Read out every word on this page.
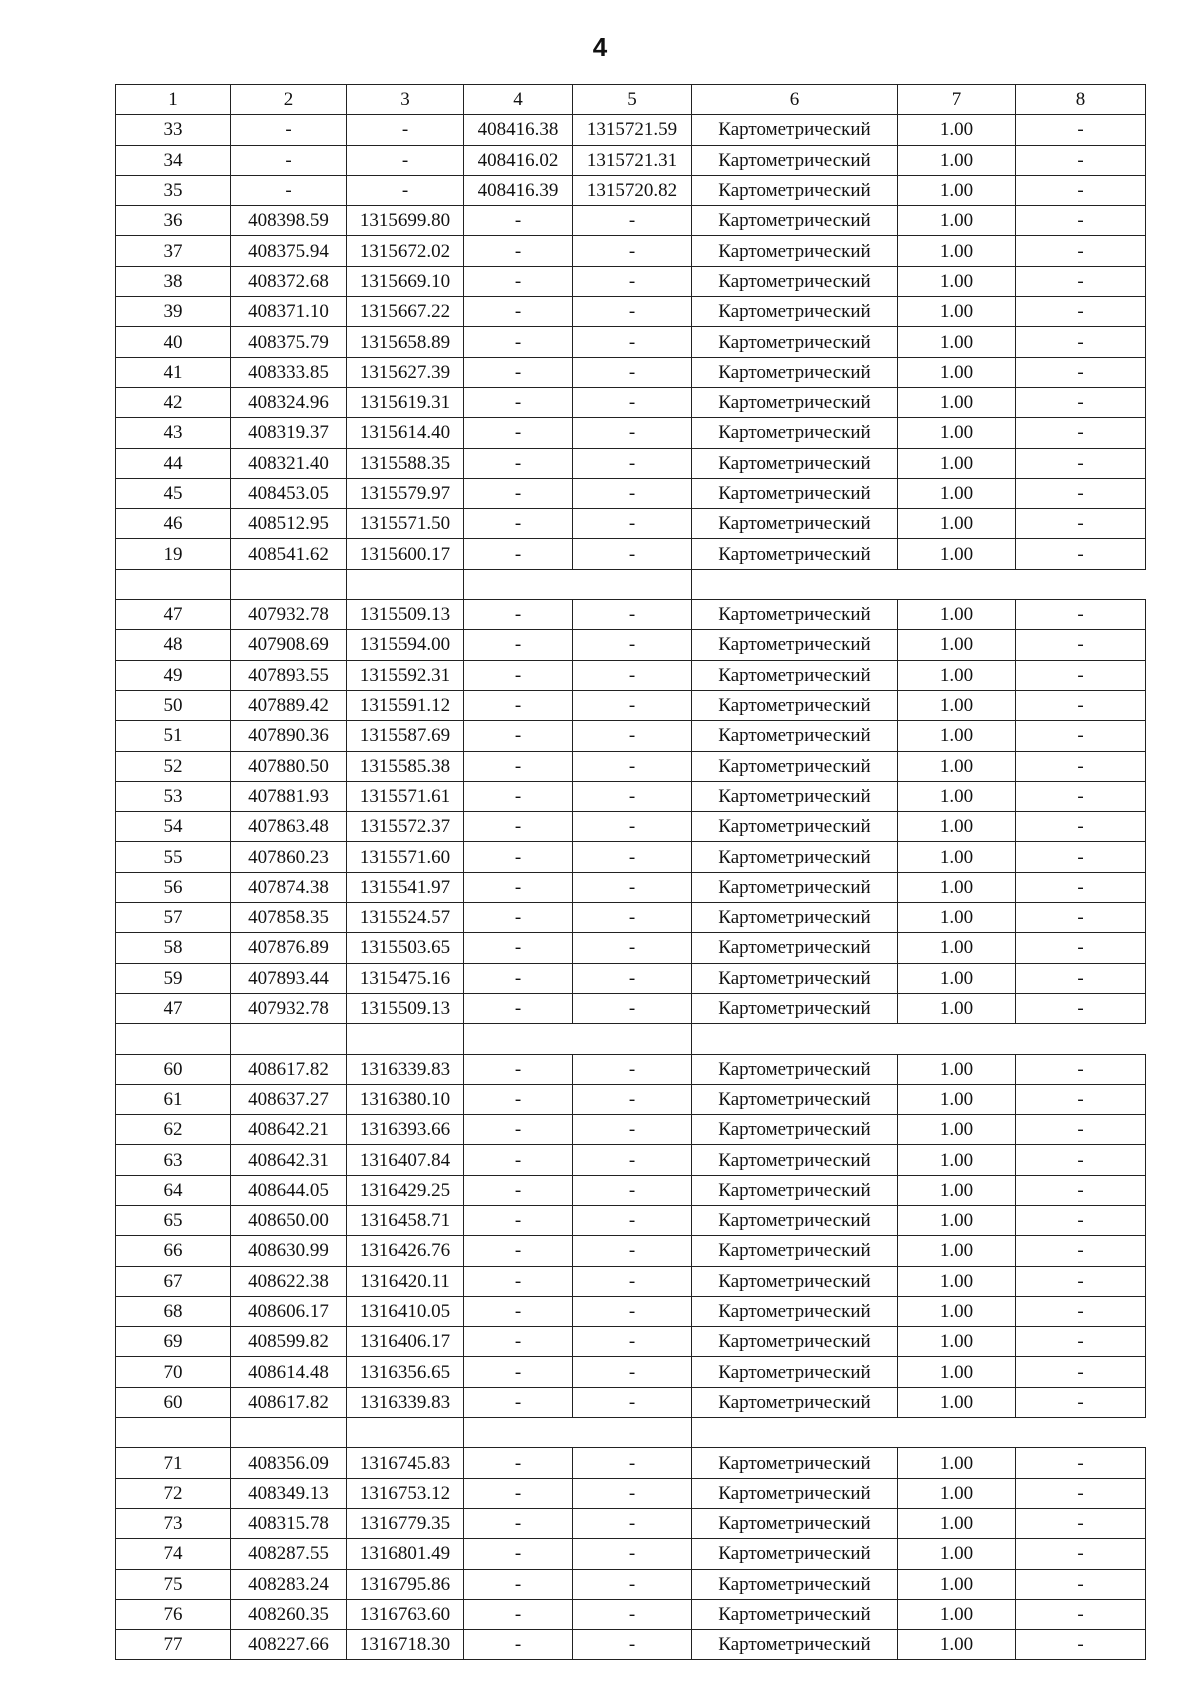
4
1	2	3	4	5	6	7	8
33	-	-	408416.38	1315721.59	Картометрический	1.00	-
34	-	-	408416.02	1315721.31	Картометрический	1.00	-
35	-	-	408416.39	1315720.82	Картометрический	1.00	-
36	408398.59	1315699.80	-	-	Картометрический	1.00	-
37	408375.94	1315672.02	-	-	Картометрический	1.00	-
38	408372.68	1315669.10	-	-	Картометрический	1.00	-
39	408371.10	1315667.22	-	-	Картометрический	1.00	-
40	408375.79	1315658.89	-	-	Картометрический	1.00	-
41	408333.85	1315627.39	-	-	Картометрический	1.00	-
42	408324.96	1315619.31	-	-	Картометрический	1.00	-
43	408319.37	1315614.40	-	-	Картометрический	1.00	-
44	408321.40	1315588.35	-	-	Картометрический	1.00	-
45	408453.05	1315579.97	-	-	Картометрический	1.00	-
46	408512.95	1315571.50	-	-	Картометрический	1.00	-
19	408541.62	1315600.17	-	-	Картометрический	1.00	-

47	407932.78	1315509.13	-	-	Картометрический	1.00	-
48	407908.69	1315594.00	-	-	Картометрический	1.00	-
49	407893.55	1315592.31	-	-	Картометрический	1.00	-
50	407889.42	1315591.12	-	-	Картометрический	1.00	-
51	407890.36	1315587.69	-	-	Картометрический	1.00	-
52	407880.50	1315585.38	-	-	Картометрический	1.00	-
53	407881.93	1315571.61	-	-	Картометрический	1.00	-
54	407863.48	1315572.37	-	-	Картометрический	1.00	-
55	407860.23	1315571.60	-	-	Картометрический	1.00	-
56	407874.38	1315541.97	-	-	Картометрический	1.00	-
57	407858.35	1315524.57	-	-	Картометрический	1.00	-
58	407876.89	1315503.65	-	-	Картометрический	1.00	-
59	407893.44	1315475.16	-	-	Картометрический	1.00	-
47	407932.78	1315509.13	-	-	Картометрический	1.00	-

60	408617.82	1316339.83	-	-	Картометрический	1.00	-
61	408637.27	1316380.10	-	-	Картометрический	1.00	-
62	408642.21	1316393.66	-	-	Картометрический	1.00	-
63	408642.31	1316407.84	-	-	Картометрический	1.00	-
64	408644.05	1316429.25	-	-	Картометрический	1.00	-
65	408650.00	1316458.71	-	-	Картометрический	1.00	-
66	408630.99	1316426.76	-	-	Картометрический	1.00	-
67	408622.38	1316420.11	-	-	Картометрический	1.00	-
68	408606.17	1316410.05	-	-	Картометрический	1.00	-
69	408599.82	1316406.17	-	-	Картометрический	1.00	-
70	408614.48	1316356.65	-	-	Картометрический	1.00	-
60	408617.82	1316339.83	-	-	Картометрический	1.00	-

71	408356.09	1316745.83	-	-	Картометрический	1.00	-
72	408349.13	1316753.12	-	-	Картометрический	1.00	-
73	408315.78	1316779.35	-	-	Картометрический	1.00	-
74	408287.55	1316801.49	-	-	Картометрический	1.00	-
75	408283.24	1316795.86	-	-	Картометрический	1.00	-
76	408260.35	1316763.60	-	-	Картометрический	1.00	-
77	408227.66	1316718.30	-	-	Картометрический	1.00	-
